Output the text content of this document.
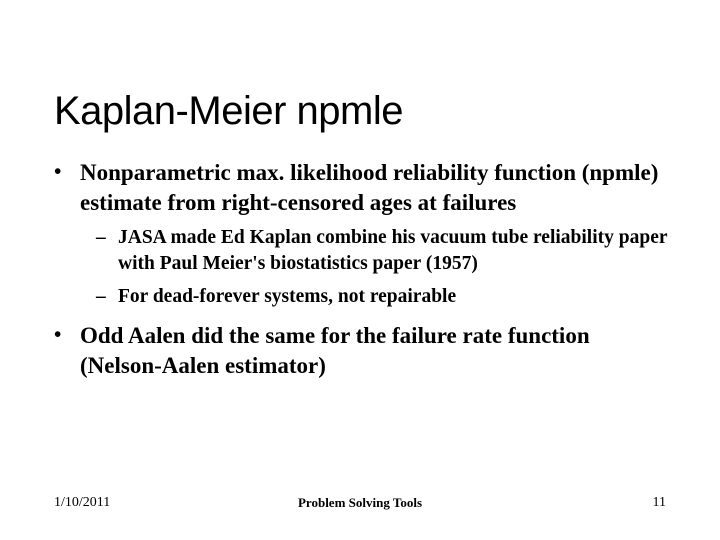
Kaplan-Meier npmle
• Nonparametric max. likelihood reliability function (npmle) estimate from right-censored ages at failures
– JASA made Ed Kaplan combine his vacuum tube reliability paper with Paul Meier's biostatistics paper (1957)
– For dead-forever systems, not repairable
• Odd Aalen did the same for the failure rate function (Nelson-Aalen estimator)
1/10/2011	Problem Solving Tools	11
